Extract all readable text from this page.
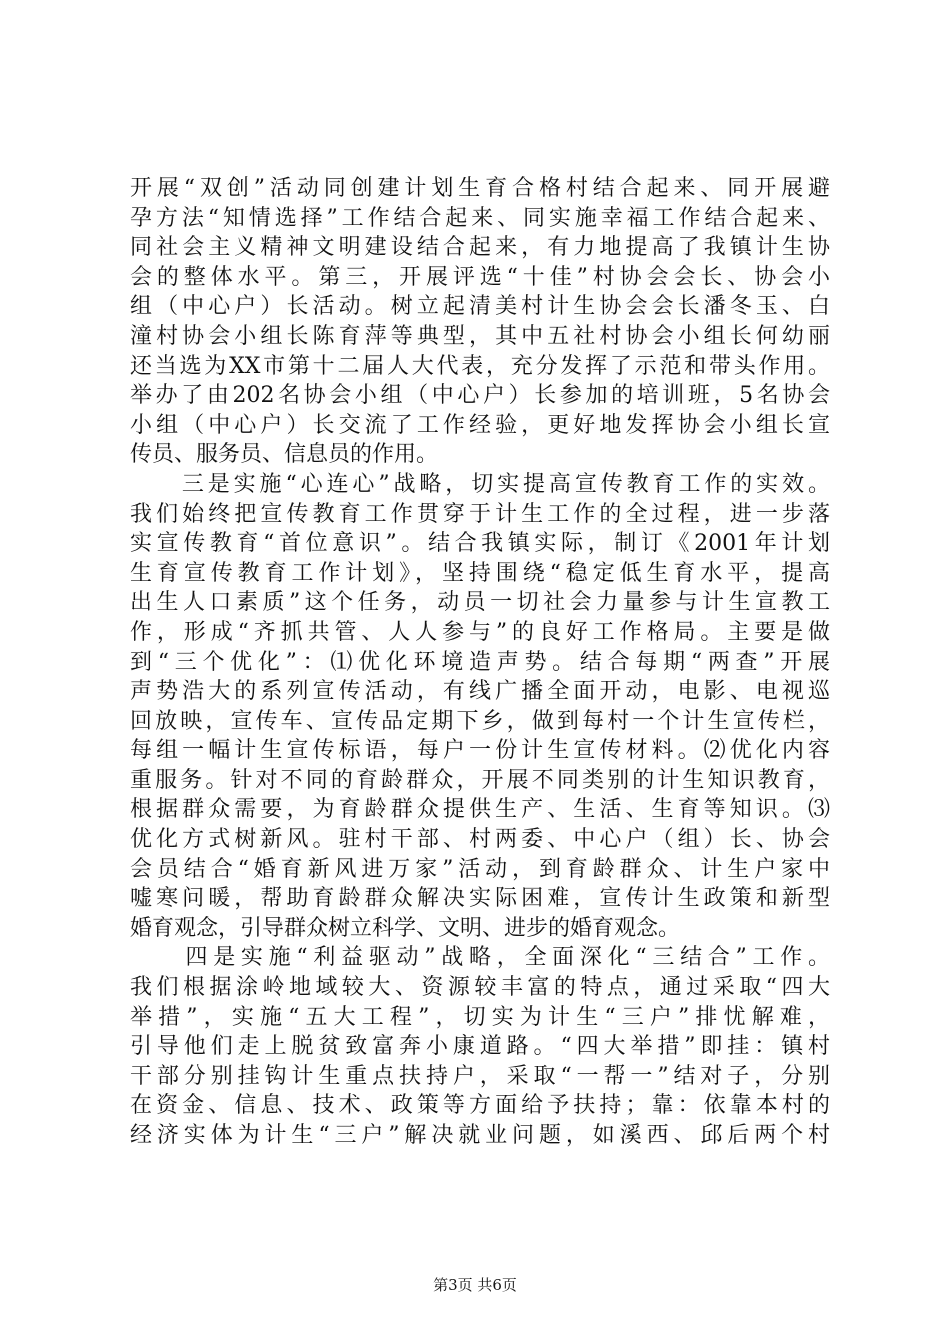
开展“双创”活动同创建计划生育合格村结合起来、同开展避
孕方法“知情选择”工作结合起来、同实施幸福工作结合起来、
同社会主义精神文明建设结合起来，有力地提高了我镇计生协
会的整体水平。第三，开展评选“十佳”村协会会长、协会小
组（中心户）长活动。树立起清美村计生协会会长潘冬玉、白
潼村协会小组长陈育萍等典型，其中五社村协会小组长何幼丽
还当选为XX市第十二届人大代表，充分发挥了示范和带头作用。
举办了由202名协会小组（中心户）长参加的培训班，5名协会
小组（中心户）长交流了工作经验，更好地发挥协会小组长宣
传员、服务员、信息员的作用。
　　三是实施“心连心”战略，切实提高宣传教育工作的实效。
我们始终把宣传教育工作贯穿于计生工作的全过程，进一步落
实宣传教育“首位意识”。结合我镇实际，制订《2001年计划
生育宣传教育工作计划》，坚持围绕“稳定低生育水平，提高
出生人口素质”这个任务，动员一切社会力量参与计生宣教工
作，形成“齐抓共管、人人参与”的良好工作格局。主要是做
到“三个优化”：⑴优化环境造声势。结合每期“两查”开展
声势浩大的系列宣传活动，有线广播全面开动，电影、电视巡
回放映，宣传车、宣传品定期下乡，做到每村一个计生宣传栏，
每组一幅计生宣传标语，每户一份计生宣传材料。⑵优化内容
重服务。针对不同的育龄群众，开展不同类别的计生知识教育，
根据群众需要，为育龄群众提供生产、生活、生育等知识。⑶
优化方式树新风。驻村干部、村两委、中心户（组）长、协会
会员结合“婚育新风进万家”活动，到育龄群众、计生户家中
嘘寒问暖，帮助育龄群众解决实际困难，宣传计生政策和新型
婚育观念，引导群众树立科学、文明、进步的婚育观念。
　　四是实施“利益驱动”战略，全面深化“三结合”工作。
我们根据涂岭地域较大、资源较丰富的特点，通过采取“四大
举措”，实施“五大工程”，切实为计生“三户”排忧解难，
引导他们走上脱贫致富奔小康道路。“四大举措”即挂：镇村
干部分别挂钩计生重点扶持户，采取“一帮一”结对子，分别
在资金、信息、技术、政策等方面给予扶持；靠：依靠本村的
经济实体为计生“三户”解决就业问题，如溪西、邱后两个村
第3页 共6页
